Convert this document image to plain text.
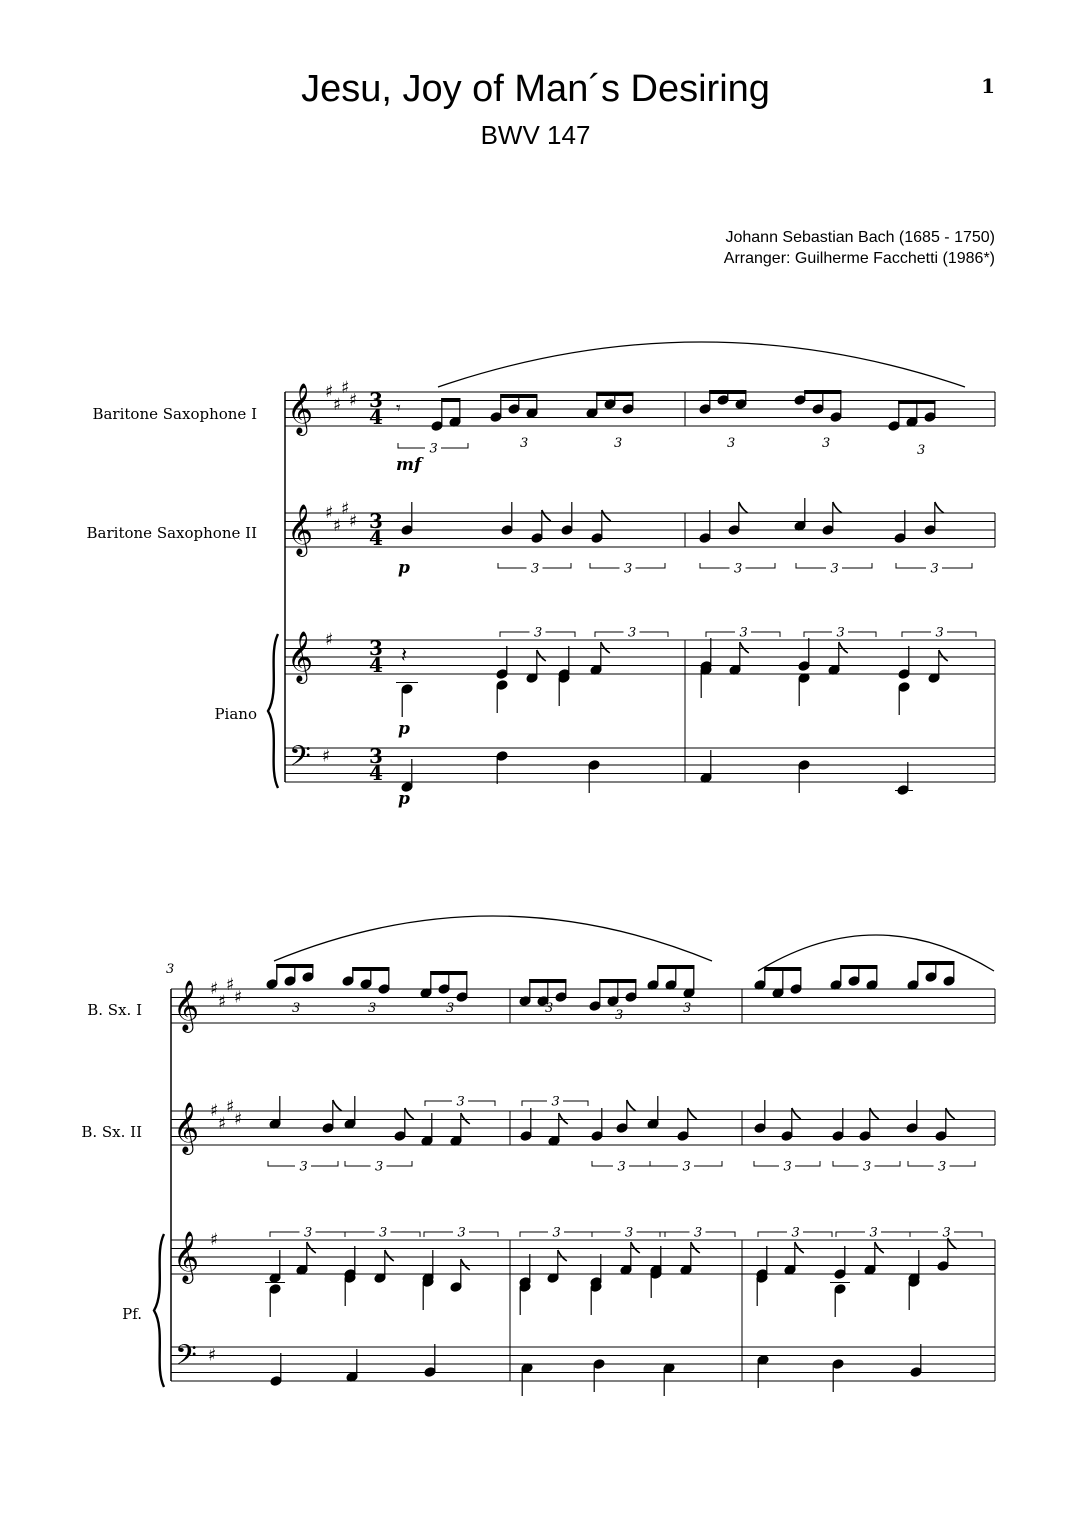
Jesu, Joy of Man´s Desiring
BWV 147
1
Johann Sebastian Bach (1685 - 1750)
Arranger: Guilherme Facchetti (1986*)
Baritone Saxophone I
Baritone Saxophone II
Piano
3
B. Sx. I
B. Sx. II
Pf.
𝄞
𝄞
𝄞
𝄢
♯
♯
♯
♯
♯
♯
♯
♯
♯
♯
3
4
3
4
3
4
3
4
𝄾
3
mf
3	3	3	3	3
p	3	3	3	3	3
𝄽
p
3	3	3	3	3
p
𝄞
𝄞
𝄞
𝄢
♯
♯
♯
♯
♯
♯
♯
♯
♯
♯
3	3	3	3	3	3
3	3
3	3
3	3	3	3	3
3	3	3	3	3	3	3	3	3
